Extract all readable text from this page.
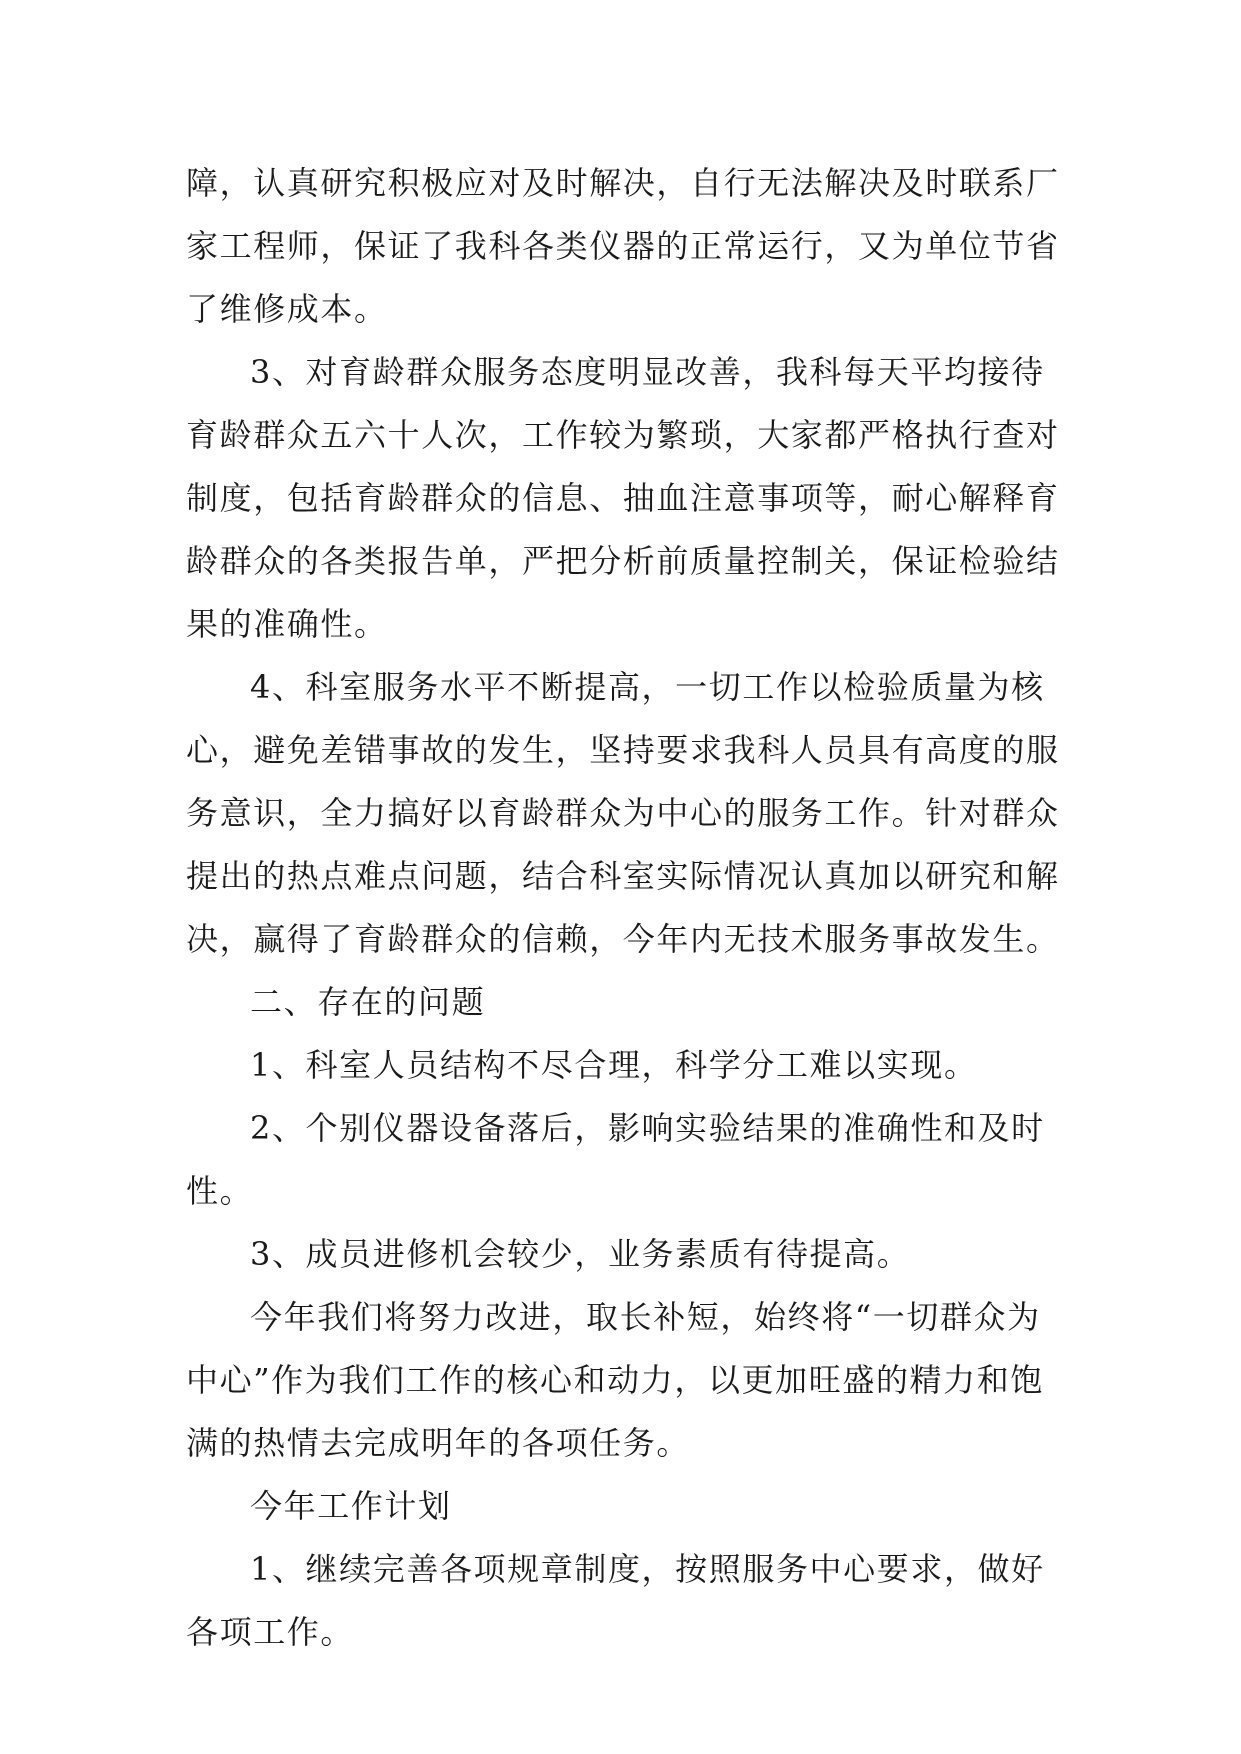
障，认真研究积极应对及时解决，自行无法解决及时联系厂
家工程师，保证了我科各类仪器的正常运行，又为单位节省
了维修成本。
3、对育龄群众服务态度明显改善，我科每天平均接待
育龄群众五六十人次，工作较为繁琐，大家都严格执行查对
制度，包括育龄群众的信息、抽血注意事项等，耐心解释育
龄群众的各类报告单，严把分析前质量控制关，保证检验结
果的准确性。
4、科室服务水平不断提高，一切工作以检验质量为核
心，避免差错事故的发生，坚持要求我科人员具有高度的服
务意识，全力搞好以育龄群众为中心的服务工作。针对群众
提出的热点难点问题，结合科室实际情况认真加以研究和解
决，赢得了育龄群众的信赖，今年内无技术服务事故发生。
二、存在的问题
1、科室人员结构不尽合理，科学分工难以实现。
2、个别仪器设备落后，影响实验结果的准确性和及时
性。
3、成员进修机会较少，业务素质有待提高。
今年我们将努力改进，取长补短，始终将“一切群众为
中心”作为我们工作的核心和动力，以更加旺盛的精力和饱
满的热情去完成明年的各项任务。
今年工作计划
1、继续完善各项规章制度，按照服务中心要求，做好
各项工作。
